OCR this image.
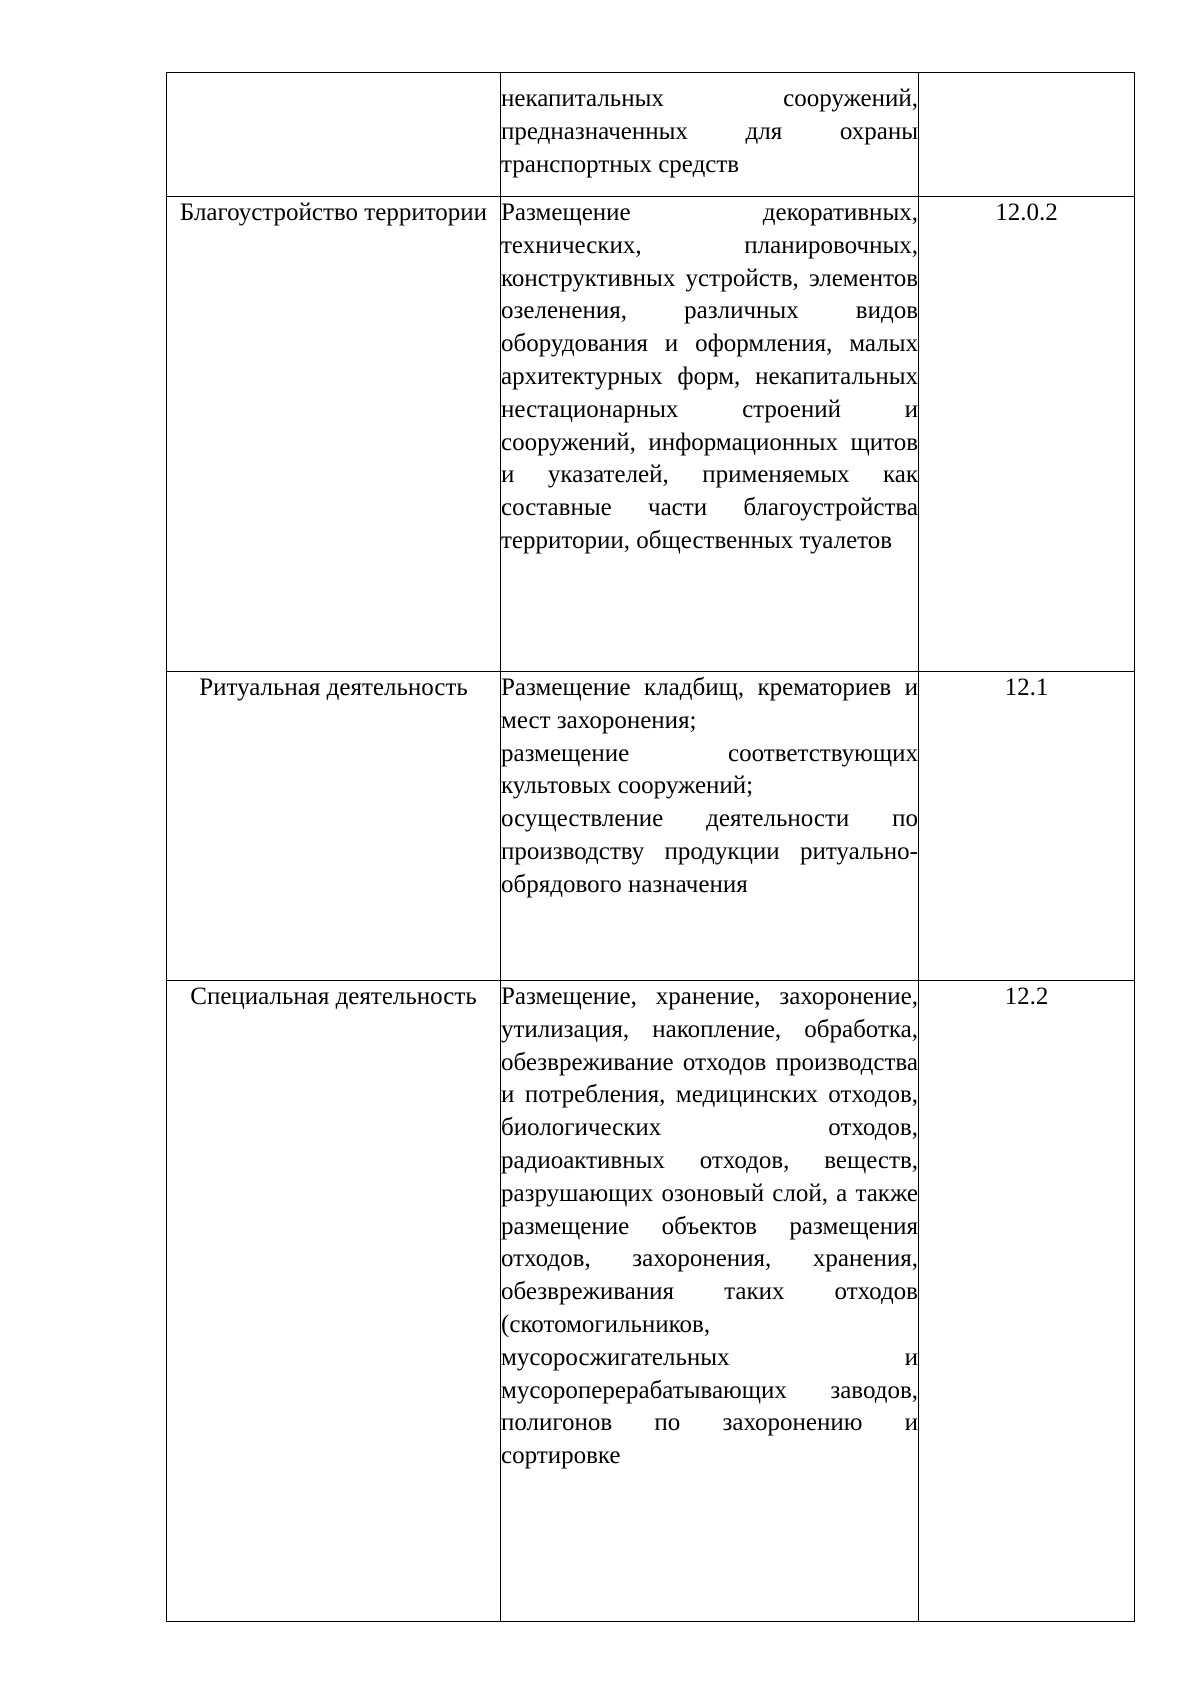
	некапитальных сооружений, предназначенных для охраны транспортных средств	

Благоустройство территории	Размещение декоративных, технических, планировочных, конструктивных устройств, элементов озеленения, различных видов оборудования и оформления, малых архитектурных форм, некапитальных нестационарных строений и сооружений, информационных щитов и указателей, применяемых как составные части благоустройства территории, общественных туалетов	12.0.2
Ритуальная деятельность	Размещение кладбищ, крематориев и мест захоронения;
размещение соответствующих культовых сооружений;
осуществление деятельности по производству продукции ритуально-обрядового назначения	12.1
Специальная деятельность	Размещение, хранение, захоронение, утилизация, накопление, обработка, обезвреживание отходов производства и потребления, медицинских отходов, биологических отходов, радиоактивных отходов, веществ, разрушающих озоновый слой, а также размещение объектов размещения отходов, захоронения, хранения, обезвреживания таких отходов (скотомогильников, мусоросжигательных и мусороперерабатывающих заводов, полигонов по захоронению и сортировке	12.2
